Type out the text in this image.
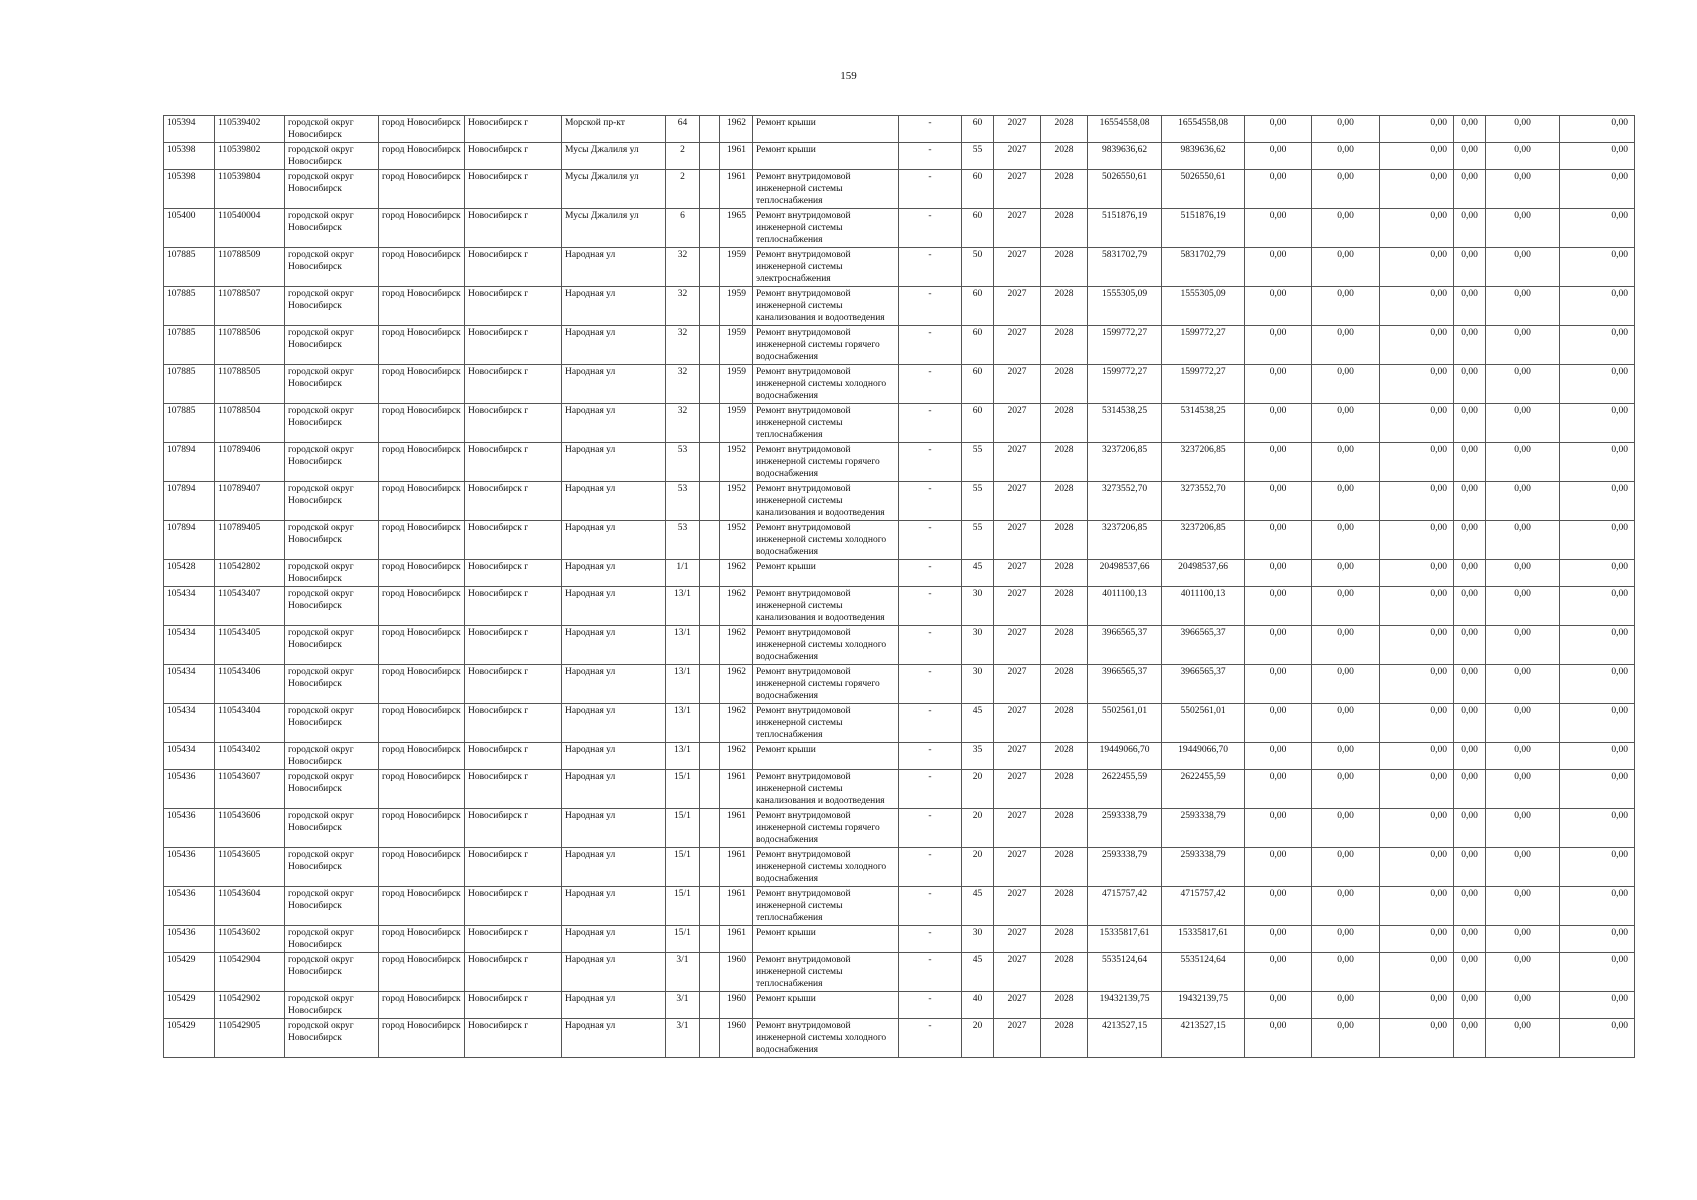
159
105394	110539402	городской округ Новосибирск	город Новосибирск	Новосибирск г	Морской пр-кт	64		1962	Ремонт крыши	-	60	2027	2028	16554558,08	16554558,08	0,00	0,00	0,00	0,00	0,00	0,00
105398	110539802	городской округ Новосибирск	город Новосибирск	Новосибирск г	Мусы Джалиля ул	2		1961	Ремонт крыши	-	55	2027	2028	9839636,62	9839636,62	0,00	0,00	0,00	0,00	0,00	0,00
105398	110539804	городской округ Новосибирск	город Новосибирск	Новосибирск г	Мусы Джалиля ул	2		1961	Ремонт внутридомовой инженерной системы теплоснабжения	-	60	2027	2028	5026550,61	5026550,61	0,00	0,00	0,00	0,00	0,00	0,00
105400	110540004	городской округ Новосибирск	город Новосибирск	Новосибирск г	Мусы Джалиля ул	6		1965	Ремонт внутридомовой инженерной системы теплоснабжения	-	60	2027	2028	5151876,19	5151876,19	0,00	0,00	0,00	0,00	0,00	0,00
107885	110788509	городской округ Новосибирск	город Новосибирск	Новосибирск г	Народная ул	32		1959	Ремонт внутридомовой инженерной системы электроснабжения	-	50	2027	2028	5831702,79	5831702,79	0,00	0,00	0,00	0,00	0,00	0,00
107885	110788507	городской округ Новосибирск	город Новосибирск	Новосибирск г	Народная ул	32		1959	Ремонт внутридомовой инженерной системы канализования и водоотведения	-	60	2027	2028	1555305,09	1555305,09	0,00	0,00	0,00	0,00	0,00	0,00
107885	110788506	городской округ Новосибирск	город Новосибирск	Новосибирск г	Народная ул	32		1959	Ремонт внутридомовой инженерной системы горячего водоснабжения	-	60	2027	2028	1599772,27	1599772,27	0,00	0,00	0,00	0,00	0,00	0,00
107885	110788505	городской округ Новосибирск	город Новосибирск	Новосибирск г	Народная ул	32		1959	Ремонт внутридомовой инженерной системы холодного водоснабжения	-	60	2027	2028	1599772,27	1599772,27	0,00	0,00	0,00	0,00	0,00	0,00
107885	110788504	городской округ Новосибирск	город Новосибирск	Новосибирск г	Народная ул	32		1959	Ремонт внутридомовой инженерной системы теплоснабжения	-	60	2027	2028	5314538,25	5314538,25	0,00	0,00	0,00	0,00	0,00	0,00
107894	110789406	городской округ Новосибирск	город Новосибирск	Новосибирск г	Народная ул	53		1952	Ремонт внутридомовой инженерной системы горячего водоснабжения	-	55	2027	2028	3237206,85	3237206,85	0,00	0,00	0,00	0,00	0,00	0,00
107894	110789407	городской округ Новосибирск	город Новосибирск	Новосибирск г	Народная ул	53		1952	Ремонт внутридомовой инженерной системы канализования и водоотведения	-	55	2027	2028	3273552,70	3273552,70	0,00	0,00	0,00	0,00	0,00	0,00
107894	110789405	городской округ Новосибирск	город Новосибирск	Новосибирск г	Народная ул	53		1952	Ремонт внутридомовой инженерной системы холодного водоснабжения	-	55	2027	2028	3237206,85	3237206,85	0,00	0,00	0,00	0,00	0,00	0,00
105428	110542802	городской округ Новосибирск	город Новосибирск	Новосибирск г	Народная ул	1/1		1962	Ремонт крыши	-	45	2027	2028	20498537,66	20498537,66	0,00	0,00	0,00	0,00	0,00	0,00
105434	110543407	городской округ Новосибирск	город Новосибирск	Новосибирск г	Народная ул	13/1		1962	Ремонт внутридомовой инженерной системы канализования и водоотведения	-	30	2027	2028	4011100,13	4011100,13	0,00	0,00	0,00	0,00	0,00	0,00
105434	110543405	городской округ Новосибирск	город Новосибирск	Новосибирск г	Народная ул	13/1		1962	Ремонт внутридомовой инженерной системы холодного водоснабжения	-	30	2027	2028	3966565,37	3966565,37	0,00	0,00	0,00	0,00	0,00	0,00
105434	110543406	городской округ Новосибирск	город Новосибирск	Новосибирск г	Народная ул	13/1		1962	Ремонт внутридомовой инженерной системы горячего водоснабжения	-	30	2027	2028	3966565,37	3966565,37	0,00	0,00	0,00	0,00	0,00	0,00
105434	110543404	городской округ Новосибирск	город Новосибирск	Новосибирск г	Народная ул	13/1		1962	Ремонт внутридомовой инженерной системы теплоснабжения	-	45	2027	2028	5502561,01	5502561,01	0,00	0,00	0,00	0,00	0,00	0,00
105434	110543402	городской округ Новосибирск	город Новосибирск	Новосибирск г	Народная ул	13/1		1962	Ремонт крыши	-	35	2027	2028	19449066,70	19449066,70	0,00	0,00	0,00	0,00	0,00	0,00
105436	110543607	городской округ Новосибирск	город Новосибирск	Новосибирск г	Народная ул	15/1		1961	Ремонт внутридомовой инженерной системы канализования и водоотведения	-	20	2027	2028	2622455,59	2622455,59	0,00	0,00	0,00	0,00	0,00	0,00
105436	110543606	городской округ Новосибирск	город Новосибирск	Новосибирск г	Народная ул	15/1		1961	Ремонт внутридомовой инженерной системы горячего водоснабжения	-	20	2027	2028	2593338,79	2593338,79	0,00	0,00	0,00	0,00	0,00	0,00
105436	110543605	городской округ Новосибирск	город Новосибирск	Новосибирск г	Народная ул	15/1		1961	Ремонт внутридомовой инженерной системы холодного водоснабжения	-	20	2027	2028	2593338,79	2593338,79	0,00	0,00	0,00	0,00	0,00	0,00
105436	110543604	городской округ Новосибирск	город Новосибирск	Новосибирск г	Народная ул	15/1		1961	Ремонт внутридомовой инженерной системы теплоснабжения	-	45	2027	2028	4715757,42	4715757,42	0,00	0,00	0,00	0,00	0,00	0,00
105436	110543602	городской округ Новосибирск	город Новосибирск	Новосибирск г	Народная ул	15/1		1961	Ремонт крыши	-	30	2027	2028	15335817,61	15335817,61	0,00	0,00	0,00	0,00	0,00	0,00
105429	110542904	городской округ Новосибирск	город Новосибирск	Новосибирск г	Народная ул	3/1		1960	Ремонт внутридомовой инженерной системы теплоснабжения	-	45	2027	2028	5535124,64	5535124,64	0,00	0,00	0,00	0,00	0,00	0,00
105429	110542902	городской округ Новосибирск	город Новосибирск	Новосибирск г	Народная ул	3/1		1960	Ремонт крыши	-	40	2027	2028	19432139,75	19432139,75	0,00	0,00	0,00	0,00	0,00	0,00
105429	110542905	городской округ Новосибирск	город Новосибирск	Новосибирск г	Народная ул	3/1		1960	Ремонт внутридомовой инженерной системы холодного водоснабжения	-	20	2027	2028	4213527,15	4213527,15	0,00	0,00	0,00	0,00	0,00	0,00
